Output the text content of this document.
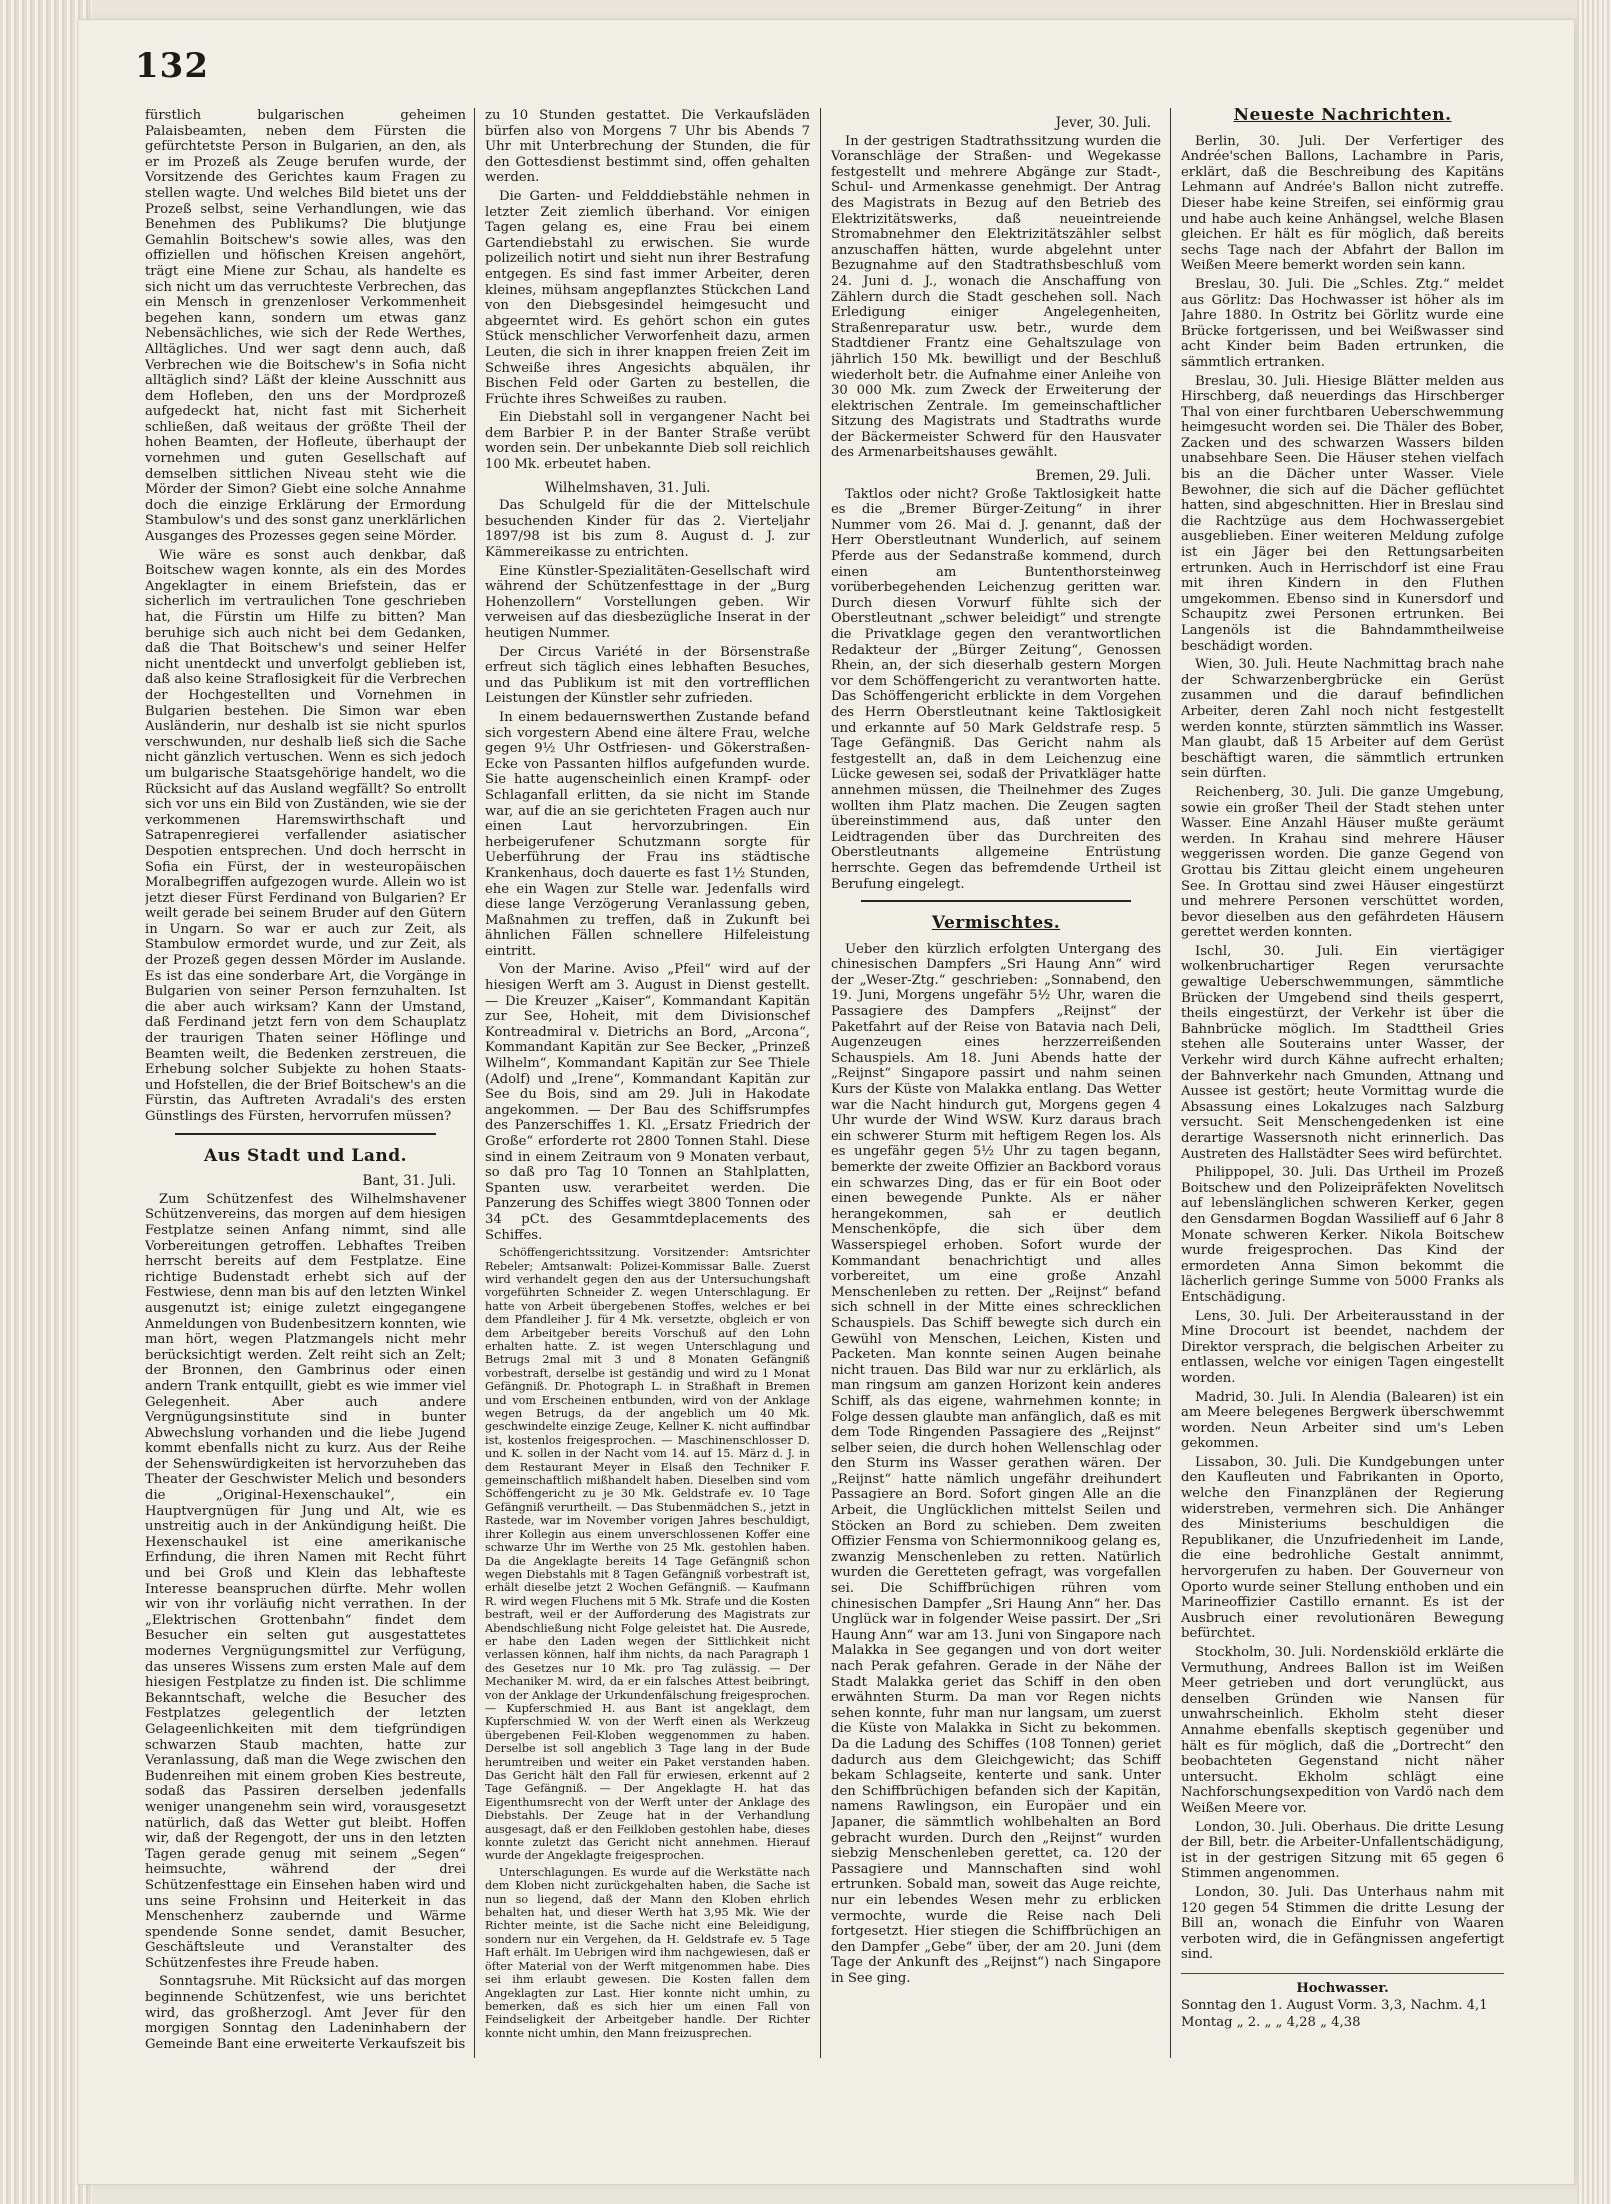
132

fürstlich bulgarischen geheimen Palaisbeamten, neben dem Fürsten die gefürchtetste Person in Bulgarien, an den, als er im Prozeß als Zeuge berufen wurde, der Vorsitzende des Gerichtes kaum Fragen zu stellen wagte. Und welches Bild bietet uns der Prozeß selbst, seine Verhandlungen, wie das Benehmen des Publikums? Die blutjunge Gemahlin Boitschew's sowie alles, was den offiziellen und höfischen Kreisen angehört, trägt eine Miene zur Schau, als handelte es sich nicht um das verruchteste Verbrechen, das ein Mensch in grenzenloser Verkommenheit begehen kann, sondern um etwas ganz Nebensächliches, wie sich der Rede Werthes, Alltägliches. Und wer sagt denn auch, daß Verbrechen wie die Boitschew's in Sofia nicht alltäglich sind? Läßt der kleine Ausschnitt aus dem Hofleben, den uns der Mordprozeß aufgedeckt hat, nicht fast mit Sicherheit schließen, daß weitaus der größte Theil der hohen Beamten, der Hofleute, überhaupt der vornehmen und guten Gesellschaft auf demselben sittlichen Niveau steht wie die Mörder der Simon? Giebt eine solche Annahme doch die einzige Erklärung der Ermordung Stambulow's und des sonst ganz unerklärlichen Ausganges des Prozesses gegen seine Mörder.

Wie wäre es sonst auch denkbar, daß Boitschew wagen konnte, als ein des Mordes Angeklagter in einem Briefstein, das er sicherlich im vertraulichen Tone geschrieben hat, die Fürstin um Hilfe zu bitten? Man beruhige sich auch nicht bei dem Gedanken, daß die That Boitschew's und seiner Helfer nicht unentdeckt und unverfolgt geblieben ist, daß also keine Straflosigkeit für die Verbrechen der Hochgestellten und Vornehmen in Bulgarien bestehen. Die Simon war eben Ausländerin, nur deshalb ist sie nicht spurlos verschwunden, nur deshalb ließ sich die Sache nicht gänzlich vertuschen. Wenn es sich jedoch um bulgarische Staatsgehörige handelt, wo die Rücksicht auf das Ausland wegfällt? So entrollt sich vor uns ein Bild von Zuständen, wie sie der verkommenen Haremswirthschaft und Satrapenregierei verfallender asiatischer Despotien entsprechen. Und doch herrscht in Sofia ein Fürst, der in westeuropäischen Moralbegriffen aufgezogen wurde. Allein wo ist jetzt dieser Fürst Ferdinand von Bulgarien? Er weilt gerade bei seinem Bruder auf den Gütern in Ungarn. So war er auch zur Zeit, als Stambulow ermordet wurde, und zur Zeit, als der Prozeß gegen dessen Mörder im Auslande. Es ist das eine sonderbare Art, die Vorgänge in Bulgarien von seiner Person fernzuhalten. Ist die aber auch wirksam? Kann der Umstand, daß Ferdinand jetzt fern von dem Schauplatz der traurigen Thaten seiner Höflinge und Beamten weilt, die Bedenken zerstreuen, die Erhebung solcher Subjekte zu hohen Staats- und Hofstellen, die der Brief Boitschew's an die Fürstin, das Auftreten Avradali's des ersten Günstlings des Fürsten, hervorrufen müssen?

Aus Stadt und Land.
Bant, 31. Juli.

Zum Schützenfest des Wilhelmshavener Schützenvereins, das morgen auf dem hiesigen Festplatze seinen Anfang nimmt, sind alle Vorbereitungen getroffen. Lebhaftes Treiben herrscht bereits auf dem Festplatze. Eine richtige Budenstadt erhebt sich auf der Festwiese, denn man bis auf den letzten Winkel ausgenutzt ist; einige zuletzt eingegangene Anmeldungen von Budenbesitzern konnten, wie man hört, wegen Platzmangels nicht mehr berücksichtigt werden. Zelt reiht sich an Zelt; der Bronnen, den Gambrinus oder einen andern Trank entquillt, giebt es wie immer viel Gelegenheit. Aber auch andere Vergnügungsinstitute sind in bunter Abwechslung vorhanden und die liebe Jugend kommt ebenfalls nicht zu kurz. Aus der Reihe der Sehenswürdigkeiten ist hervorzuheben das Theater der Geschwister Melich und besonders die „Original-Hexenschaukel“, ein Hauptvergnügen für Jung und Alt, wie es unstreitig auch in der Ankündigung heißt. Die Hexenschaukel ist eine amerikanische Erfindung, die ihren Namen mit Recht führt und bei Groß und Klein das lebhafteste Interesse beanspruchen dürfte. Mehr wollen wir von ihr vorläufig nicht verrathen. In der „Elektrischen Grottenbahn“ findet dem Besucher ein selten gut ausgestattetes modernes Vergnügungsmittel zur Verfügung, das unseres Wissens zum ersten Male auf dem hiesigen Festplatze zu finden ist. Die schlimme Bekanntschaft, welche die Besucher des Festplatzes gelegentlich der letzten Gelageenlichkeiten mit dem tiefgründigen schwarzen Staub machten, hatte zur Veranlassung, daß man die Wege zwischen den Budenreihen mit einem groben Kies bestreute, sodaß das Passiren derselben jedenfalls weniger unangenehm sein wird, vorausgesetzt natürlich, daß das Wetter gut bleibt. Hoffen wir, daß der Regengott, der uns in den letzten Tagen gerade genug mit seinem „Segen“ heimsuchte, während der drei Schützenfesttage ein Einsehen haben wird und uns seine Frohsinn und Heiterkeit in das Menschenherz zaubernde und Wärme spendende Sonne sendet, damit Besucher, Geschäftsleute und Veranstalter des Schützenfestes ihre Freude haben.

Sonntagsruhe. Mit Rücksicht auf das morgen beginnende Schützenfest, wie uns berichtet wird, das großherzogl. Amt Jever für den morgigen Sonntag den Ladeninhabern der Gemeinde Bant eine erweiterte Verkaufszeit bis

zu 10 Stunden gestattet. Die Verkaufsläden bürfen also von Morgens 7 Uhr bis Abends 7 Uhr mit Unterbrechung der Stunden, die für den Gottesdienst bestimmt sind, offen gehalten werden.

Die Garten- und Feldddiebstähle nehmen in letzter Zeit ziemlich überhand. Vor einigen Tagen gelang es, eine Frau bei einem Gartendiebstahl zu erwischen. Sie wurde polizeilich notirt und sieht nun ihrer Bestrafung entgegen. Es sind fast immer Arbeiter, deren kleines, mühsam angepflanztes Stückchen Land von den Diebsgesindel heimgesucht und abgeerntet wird. Es gehört schon ein gutes Stück menschlicher Verworfenheit dazu, armen Leuten, die sich in ihrer knappen freien Zeit im Schweiße ihres Angesichts abquälen, ihr Bischen Feld oder Garten zu bestellen, die Früchte ihres Schweißes zu rauben.

Ein Diebstahl soll in vergangener Nacht bei dem Barbier P. in der Banter Straße verübt worden sein. Der unbekannte Dieb soll reichlich 100 Mk. erbeutet haben.

Wilhelmshaven, 31. Juli.

Das Schulgeld für die der Mittelschule besuchenden Kinder für das 2. Vierteljahr 1897/98 ist bis zum 8. August d. J. zur Kämmereikasse zu entrichten.

Eine Künstler-Spezialitäten-Gesellschaft wird während der Schützenfesttage in der „Burg Hohenzollern“ Vorstellungen geben. Wir verweisen auf das diesbezügliche Inserat in der heutigen Nummer.

Der Circus Variété in der Börsenstraße erfreut sich täglich eines lebhaften Besuches, und das Publikum ist mit den vortrefflichen Leistungen der Künstler sehr zufrieden.

In einem bedauernswerthen Zustande befand sich vorgestern Abend eine ältere Frau, welche gegen 9½ Uhr Ostfriesen- und Gökerstraßen-Ecke von Passanten hilflos aufgefunden wurde. Sie hatte augenscheinlich einen Krampf- oder Schlaganfall erlitten, da sie nicht im Stande war, auf die an sie gerichteten Fragen auch nur einen Laut hervorzubringen. Ein herbeigerufener Schutzmann sorgte für Ueberführung der Frau ins städtische Krankenhaus, doch dauerte es fast 1½ Stunden, ehe ein Wagen zur Stelle war. Jedenfalls wird diese lange Verzögerung Veranlassung geben, Maßnahmen zu treffen, daß in Zukunft bei ähnlichen Fällen schnellere Hilfeleistung eintritt.

Von der Marine. Aviso „Pfeil“ wird auf der hiesigen Werft am 3. August in Dienst gestellt. — Die Kreuzer „Kaiser“, Kommandant Kapitän zur See, Hoheit, mit dem Divisionschef Kontreadmiral v. Dietrichs an Bord, „Arcona“, Kommandant Kapitän zur See Becker, „Prinzeß Wilhelm“, Kommandant Kapitän zur See Thiele (Adolf) und „Irene“, Kommandant Kapitän zur See du Bois, sind am 29. Juli in Hakodate angekommen. — Der Bau des Schiffsrumpfes des Panzerschiffes 1. Kl. „Ersatz Friedrich der Große“ erforderte rot 2800 Tonnen Stahl. Diese sind in einem Zeitraum von 9 Monaten verbaut, so daß pro Tag 10 Tonnen an Stahlplatten, Spanten usw. verarbeitet werden. Die Panzerung des Schiffes wiegt 3800 Tonnen oder 34 pCt. des Gesammtdeplacements des Schiffes.

Schöffengerichtssitzung. Vorsitzender: Amtsrichter Rebeler; Amtsanwalt: Polizei-Kommissar Balle. Zuerst wird verhandelt gegen den aus der Untersuchungshaft vorgeführten Schneider Z. wegen Unterschlagung. Er hatte von Arbeit übergebenen Stoffes, welches er bei dem Pfandleiher J. für 4 Mk. versetzte, obgleich er von dem Arbeitgeber bereits Vorschuß auf den Lohn erhalten hatte. Z. ist wegen Unterschlagung und Betrugs 2mal mit 3 und 8 Monaten Gefängniß vorbestraft, derselbe ist geständig und wird zu 1 Monat Gefängniß. Dr. Photograph L. in Straßhaft in Bremen und vom Erscheinen entbunden, wird von der Anklage wegen Betrugs, da der angeblich um 40 Mk. geschwindelte einzige Zeuge, Kellner K. nicht auffindbar ist, kostenlos freigesprochen. — Maschinenschlosser D. und K. sollen in der Nacht vom 14. auf 15. März d. J. in dem Restaurant Meyer in Elsaß den Techniker F. gemeinschaftlich mißhandelt haben. Dieselben sind vom Schöffengericht zu je 30 Mk. Geldstrafe ev. 10 Tage Gefängniß verurtheilt. — Das Stubenmädchen S., jetzt in Rastede, war im November vorigen Jahres beschuldigt, ihrer Kollegin aus einem unverschlossenen Koffer eine schwarze Uhr im Werthe von 25 Mk. gestohlen haben. Da die Angeklagte bereits 14 Tage Gefängniß schon wegen Diebstahls mit 8 Tagen Gefängniß vorbestraft ist, erhält dieselbe jetzt 2 Wochen Gefängniß. — Kaufmann R. wird wegen Fluchens mit 5 Mk. Strafe und die Kosten bestraft, weil er der Aufforderung des Magistrats zur Abendschließung nicht Folge geleistet hat. Die Ausrede, er habe den Laden wegen der Sittlichkeit nicht verlassen können, half ihm nichts, da nach Paragraph 1 des Gesetzes nur 10 Mk. pro Tag zulässig. — Der Mechaniker M. wird, da er ein falsches Attest beibringt, von der Anklage der Urkundenfälschung freigesprochen. — Kupferschmied H. aus Bant ist angeklagt, dem Kupferschmied W. von der Werft einen als Werkzeug übergebenen Feil-Kloben weggenommen zu haben. Derselbe ist soll angeblich 3 Tage lang in der Bude herumtreiben und weiter ein Paket verstanden haben. Das Gericht hält den Fall für erwiesen, erkennt auf 2 Tage Gefängniß. — Der Angeklagte H. hat das Eigenthumsrecht von der Werft unter der Anklage des Diebstahls. Der Zeuge hat in der Verhandlung ausgesagt, daß er den Feilkloben gestohlen habe, dieses konnte zuletzt das Gericht nicht annehmen. Hierauf wurde der Angeklagte freigesprochen.

Unterschlagungen. Es wurde auf die Werkstätte nach dem Kloben nicht zurückgehalten haben, die Sache ist nun so liegend, daß der Mann den Kloben ehrlich behalten hat, und dieser Werth hat 3,95 Mk. Wie der Richter meinte, ist die Sache nicht eine Beleidigung, sondern nur ein Vergehen, da H. Geldstrafe ev. 5 Tage Haft erhält. Im Uebrigen wird ihm nachgewiesen, daß er öfter Material von der Werft mitgenommen habe. Dies sei ihm erlaubt gewesen. Die Kosten fallen dem Angeklagten zur Last. Hier konnte nicht umhin, zu bemerken, daß es sich hier um einen Fall von Feindseligkeit der Arbeitgeber handle. Der Richter konnte nicht umhin, den Mann freizusprechen.

Jever, 30. Juli.

In der gestrigen Stadtrathssitzung wurden die Voranschläge der Straßen- und Wegekasse festgestellt und mehrere Abgänge zur Stadt-, Schul- und Armenkasse genehmigt. Der Antrag des Magistrats in Bezug auf den Betrieb des Elektrizitätswerks, daß neueintreiende Stromabnehmer den Elektrizitätszähler selbst anzuschaffen hätten, wurde abgelehnt unter Bezugnahme auf den Stadtrathsbeschluß vom 24. Juni d. J., wonach die Anschaffung von Zählern durch die Stadt geschehen soll. Nach Erledigung einiger Angelegenheiten, Straßenreparatur usw. betr., wurde dem Stadtdiener Frantz eine Gehaltszulage von jährlich 150 Mk. bewilligt und der Beschluß wiederholt betr. die Aufnahme einer Anleihe von 30 000 Mk. zum Zweck der Erweiterung der elektrischen Zentrale. Im gemeinschaftlicher Sitzung des Magistrats und Stadtraths wurde der Bäckermeister Schwerd für den Hausvater des Armenarbeitshauses gewählt.

Bremen, 29. Juli.

Taktlos oder nicht? Große Taktlosigkeit hatte es die „Bremer Bürger-Zeitung“ in ihrer Nummer vom 26. Mai d. J. genannt, daß der Herr Oberstleutnant Wunderlich, auf seinem Pferde aus der Sedanstraße kommend, durch einen am Buntenthorsteinweg vorüberbegehenden Leichenzug geritten war. Durch diesen Vorwurf fühlte sich der Oberstleutnant „schwer beleidigt“ und strengte die Privatklage gegen den verantwortlichen Redakteur der „Bürger Zeitung“, Genossen Rhein, an, der sich dieserhalb gestern Morgen vor dem Schöffengericht zu verantworten hatte. Das Schöffengericht erblickte in dem Vorgehen des Herrn Oberstleutnant keine Taktlosigkeit und erkannte auf 50 Mark Geldstrafe resp. 5 Tage Gefängniß. Das Gericht nahm als festgestellt an, daß in dem Leichenzug eine Lücke gewesen sei, sodaß der Privatkläger hatte annehmen müssen, die Theilnehmer des Zuges wollten ihm Platz machen. Die Zeugen sagten übereinstimmend aus, daß unter den Leidtragenden über das Durchreiten des Oberstleutnants allgemeine Entrüstung herrschte. Gegen das befremdende Urtheil ist Berufung eingelegt.

Vermischtes.

Ueber den kürzlich erfolgten Untergang des chinesischen Dampfers „Sri Haung Ann“ wird der „Weser-Ztg.“ geschrieben: „Sonnabend, den 19. Juni, Morgens ungefähr 5½ Uhr, waren die Passagiere des Dampfers „Reijnst“ der Paketfahrt auf der Reise von Batavia nach Deli, Augenzeugen eines herzzerreißenden Schauspiels. Am 18. Juni Abends hatte der „Reijnst“ Singapore passirt und nahm seinen Kurs der Küste von Malakka entlang. Das Wetter war die Nacht hindurch gut, Morgens gegen 4 Uhr wurde der Wind WSW. Kurz daraus brach ein schwerer Sturm mit heftigem Regen los. Als es ungefähr gegen 5½ Uhr zu tagen begann, bemerkte der zweite Offizier an Backbord voraus ein schwarzes Ding, das er für ein Boot oder einen bewegende Punkte. Als er näher herangekommen, sah er deutlich Menschenköpfe, die sich über dem Wasserspiegel erhoben. Sofort wurde der Kommandant benachrichtigt und alles vorbereitet, um eine große Anzahl Menschenleben zu retten. Der „Reijnst“ befand sich schnell in der Mitte eines schrecklichen Schauspiels. Das Schiff bewegte sich durch ein Gewühl von Menschen, Leichen, Kisten und Packeten. Man konnte seinen Augen beinahe nicht trauen. Das Bild war nur zu erklärlich, als man ringsum am ganzen Horizont kein anderes Schiff, als das eigene, wahrnehmen konnte; in Folge dessen glaubte man anfänglich, daß es mit dem Tode Ringenden Passagiere des „Reijnst“ selber seien, die durch hohen Wellenschlag oder den Sturm ins Wasser gerathen wären. Der „Reijnst“ hatte nämlich ungefähr dreihundert Passagiere an Bord. Sofort gingen Alle an die Arbeit, die Unglücklichen mittelst Seilen und Stöcken an Bord zu schieben. Dem zweiten Offizier Fensma von Schiermonnikoog gelang es, zwanzig Menschenleben zu retten. Natürlich wurden die Geretteten gefragt, was vorgefallen sei. Die Schiffbrüchigen rühren vom chinesischen Dampfer „Sri Haung Ann“ her. Das Unglück war in folgender Weise passirt. Der „Sri Haung Ann“ war am 13. Juni von Singapore nach Malakka in See gegangen und von dort weiter nach Perak gefahren. Gerade in der Nähe der Stadt Malakka geriet das Schiff in den oben erwähnten Sturm. Da man vor Regen nichts sehen konnte, fuhr man nur langsam, um zuerst die Küste von Malakka in Sicht zu bekommen. Da die Ladung des Schiffes (108 Tonnen) geriet dadurch aus dem Gleichgewicht; das Schiff bekam Schlagseite, kenterte und sank. Unter den Schiffbrüchigen befanden sich der Kapitän, namens Rawlingson, ein Europäer und ein Japaner, die sämmtlich wohlbehalten an Bord gebracht wurden. Durch den „Reijnst“ wurden siebzig Menschenleben gerettet, ca. 120 der Passagiere und Mannschaften sind wohl ertrunken. Sobald man, soweit das Auge reichte, nur ein lebendes Wesen mehr zu erblicken vermochte, wurde die Reise nach Deli fortgesetzt. Hier stiegen die Schiffbrüchigen an den Dampfer „Gebe“ über, der am 20. Juni (dem Tage der Ankunft des „Reijnst“) nach Singapore in See ging.

Neueste Nachrichten.

Berlin, 30. Juli. Der Verfertiger des Andrée'schen Ballons, Lachambre in Paris, erklärt, daß die Beschreibung des Kapitäns Lehmann auf Andrée's Ballon nicht zutreffe. Dieser habe keine Streifen, sei einförmig grau und habe auch keine Anhängsel, welche Blasen gleichen. Er hält es für möglich, daß bereits sechs Tage nach der Abfahrt der Ballon im Weißen Meere bemerkt worden sein kann.

Breslau, 30. Juli. Die „Schles. Ztg.“ meldet aus Görlitz: Das Hochwasser ist höher als im Jahre 1880. In Ostritz bei Görlitz wurde eine Brücke fortgerissen, und bei Weißwasser sind acht Kinder beim Baden ertrunken, die sämmtlich ertranken.

Breslau, 30. Juli. Hiesige Blätter melden aus Hirschberg, daß neuerdings das Hirschberger Thal von einer furchtbaren Ueberschwemmung heimgesucht worden sei. Die Thäler des Bober, Zacken und des schwarzen Wassers bilden unabsehbare Seen. Die Häuser stehen vielfach bis an die Dächer unter Wasser. Viele Bewohner, die sich auf die Dächer geflüchtet hatten, sind abgeschnitten. Hier in Breslau sind die Rachtzüge aus dem Hochwassergebiet ausgeblieben. Einer weiteren Meldung zufolge ist ein Jäger bei den Rettungsarbeiten ertrunken. Auch in Herrischdorf ist eine Frau mit ihren Kindern in den Fluthen umgekommen. Ebenso sind in Kunersdorf und Schaupitz zwei Personen ertrunken. Bei Langenöls ist die Bahndammtheilweise beschädigt worden.

Wien, 30. Juli. Heute Nachmittag brach nahe der Schwarzenbergbrücke ein Gerüst zusammen und die darauf befindlichen Arbeiter, deren Zahl noch nicht festgestellt werden konnte, stürzten sämmtlich ins Wasser. Man glaubt, daß 15 Arbeiter auf dem Gerüst beschäftigt waren, die sämmtlich ertrunken sein dürften.

Reichenberg, 30. Juli. Die ganze Umgebung, sowie ein großer Theil der Stadt stehen unter Wasser. Eine Anzahl Häuser mußte geräumt werden. In Krahau sind mehrere Häuser weggerissen worden. Die ganze Gegend von Grottau bis Zittau gleicht einem ungeheuren See. In Grottau sind zwei Häuser eingestürzt und mehrere Personen verschüttet worden, bevor dieselben aus den gefährdeten Häusern gerettet werden konnten.

Ischl, 30. Juli. Ein viertägiger wolkenbruchartiger Regen verursachte gewaltige Ueberschwemmungen, sämmtliche Brücken der Umgebend sind theils gesperrt, theils eingestürzt, der Verkehr ist über die Bahnbrücke möglich. Im Stadttheil Gries stehen alle Souterains unter Wasser, der Verkehr wird durch Kähne aufrecht erhalten; der Bahnverkehr nach Gmunden, Attnang und Aussee ist gestört; heute Vormittag wurde die Absassung eines Lokalzuges nach Salzburg versucht. Seit Menschengedenken ist eine derartige Wassersnoth nicht erinnerlich. Das Austreten des Hallstädter Sees wird befürchtet.

Philippopel, 30. Juli. Das Urtheil im Prozeß Boitschew und den Polizeipräfekten Novelitsch auf lebenslänglichen schweren Kerker, gegen den Gensdarmen Bogdan Wassilieff auf 6 Jahr 8 Monate schweren Kerker. Nikola Boitschew wurde freigesprochen. Das Kind der ermordeten Anna Simon bekommt die lächerlich geringe Summe von 5000 Franks als Entschädigung.

Lens, 30. Juli. Der Arbeiterausstand in der Mine Drocourt ist beendet, nachdem der Direktor versprach, die belgischen Arbeiter zu entlassen, welche vor einigen Tagen eingestellt worden.

Madrid, 30. Juli. In Alendia (Balearen) ist ein am Meere belegenes Bergwerk überschwemmt worden. Neun Arbeiter sind um's Leben gekommen.

Lissabon, 30. Juli. Die Kundgebungen unter den Kaufleuten und Fabrikanten in Oporto, welche den Finanzplänen der Regierung widerstreben, vermehren sich. Die Anhänger des Ministeriums beschuldigen die Republikaner, die Unzufriedenheit im Lande, die eine bedrohliche Gestalt annimmt, hervorgerufen zu haben. Der Gouverneur von Oporto wurde seiner Stellung enthoben und ein Marineoffizier Castillo ernannt. Es ist der Ausbruch einer revolutionären Bewegung befürchtet.

Stockholm, 30. Juli. Nordenskiöld erklärte die Vermuthung, Andrees Ballon ist im Weißen Meer getrieben und dort verunglückt, aus denselben Gründen wie Nansen für unwahrscheinlich. Ekholm steht dieser Annahme ebenfalls skeptisch gegenüber und hält es für möglich, daß die „Dortrecht“ den beobachteten Gegenstand nicht näher untersucht. Ekholm schlägt eine Nachforschungsexpedition von Vardö nach dem Weißen Meere vor.

London, 30. Juli. Oberhaus. Die dritte Lesung der Bill, betr. die Arbeiter-Unfallentschädigung, ist in der gestrigen Sitzung mit 65 gegen 6 Stimmen angenommen.

London, 30. Juli. Das Unterhaus nahm mit 120 gegen 54 Stimmen die dritte Lesung der Bill an, wonach die Einfuhr von Waaren verboten wird, die in Gefängnissen angefertigt sind.

Hochwasser.
Sonntag den 1. August Vorm. 3,3, Nachm. 4,1
Montag „ 2. „ „ 4,28 „ 4,38
